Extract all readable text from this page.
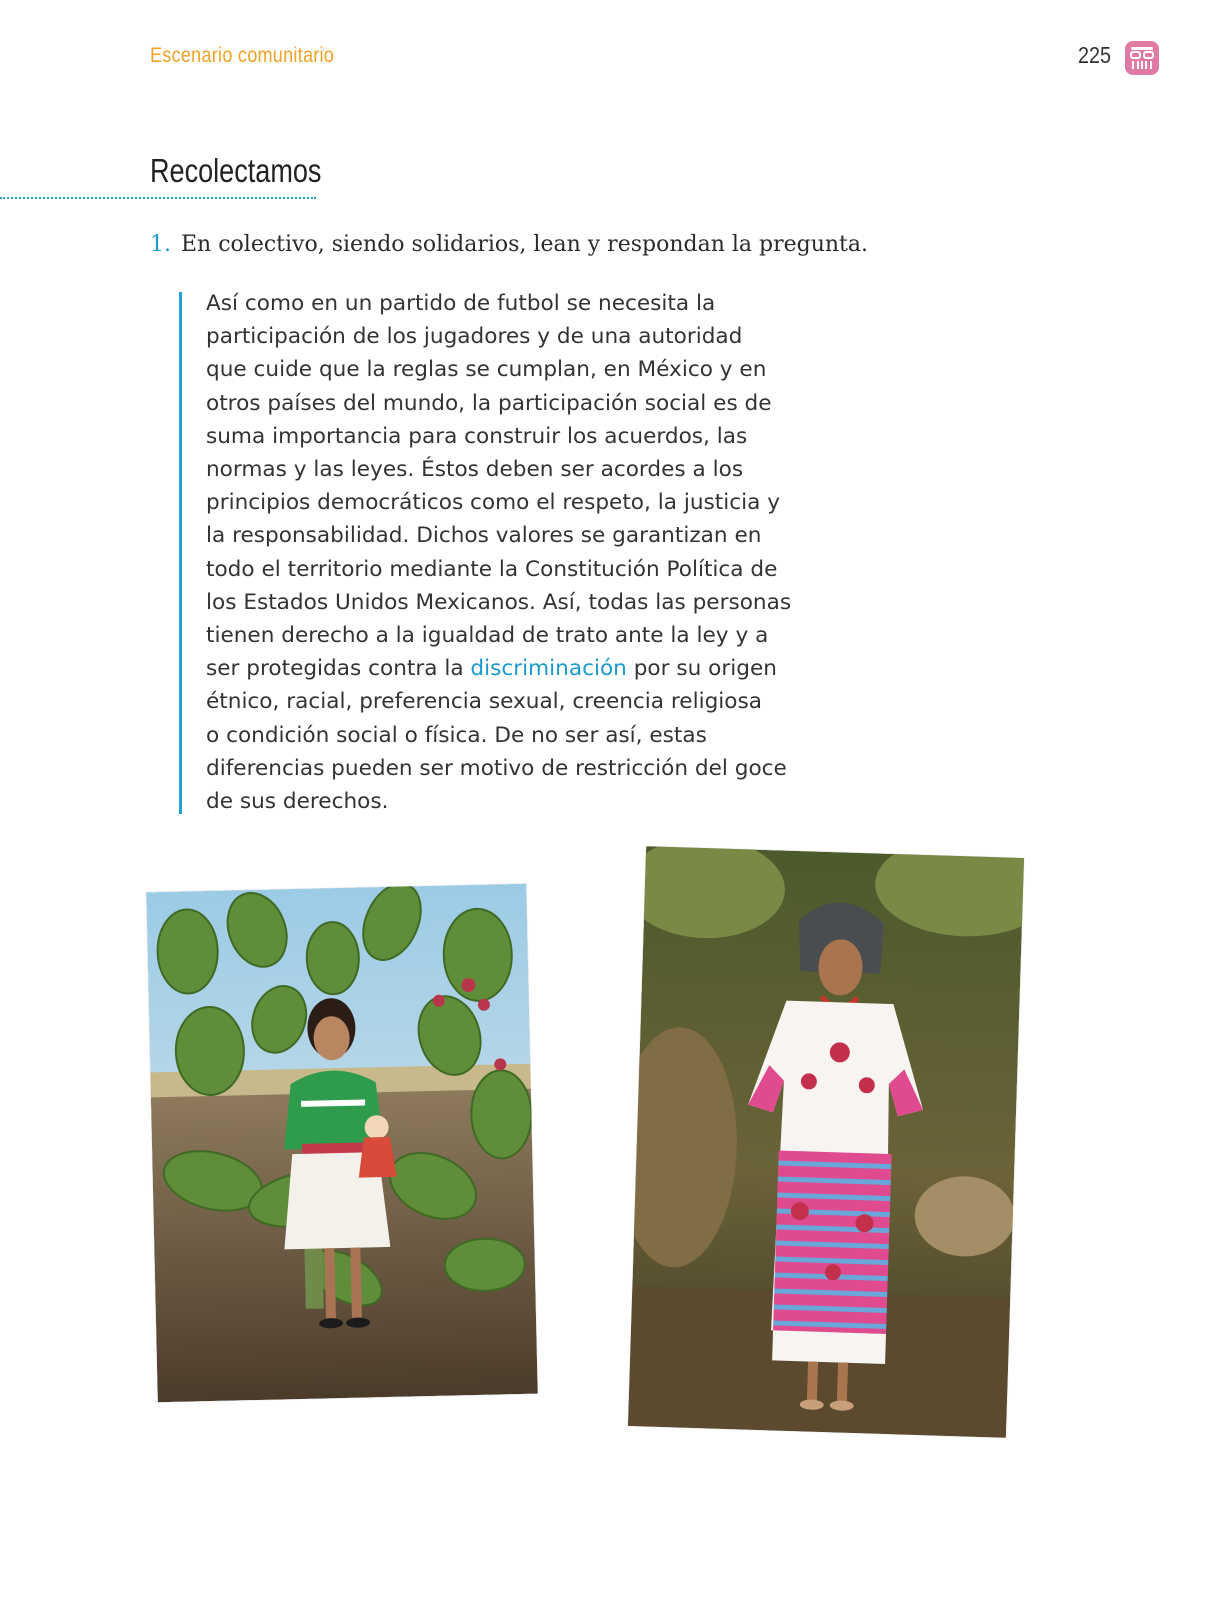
Escenario comunitario	225
Recolectamos
1. En colectivo, siendo solidarios, lean y respondan la pregunta.
Así como en un partido de futbol se necesita la
participación de los jugadores y de una autoridad
que cuide que la reglas se cumplan, en México y en
otros países del mundo, la participación social es de
suma importancia para construir los acuerdos, las
normas y las leyes. Éstos deben ser acordes a los
principios democráticos como el respeto, la justicia y
la responsabilidad. Dichos valores se garantizan en
todo el territorio mediante la Constitución Política de
los Estados Unidos Mexicanos. Así, todas las personas
tienen derecho a la igualdad de trato ante la ley y a
ser protegidas contra la discriminación por su origen
étnico, racial, preferencia sexual, creencia religiosa
o condición social o física. De no ser así, estas
diferencias pueden ser motivo de restricción del goce
de sus derechos.
